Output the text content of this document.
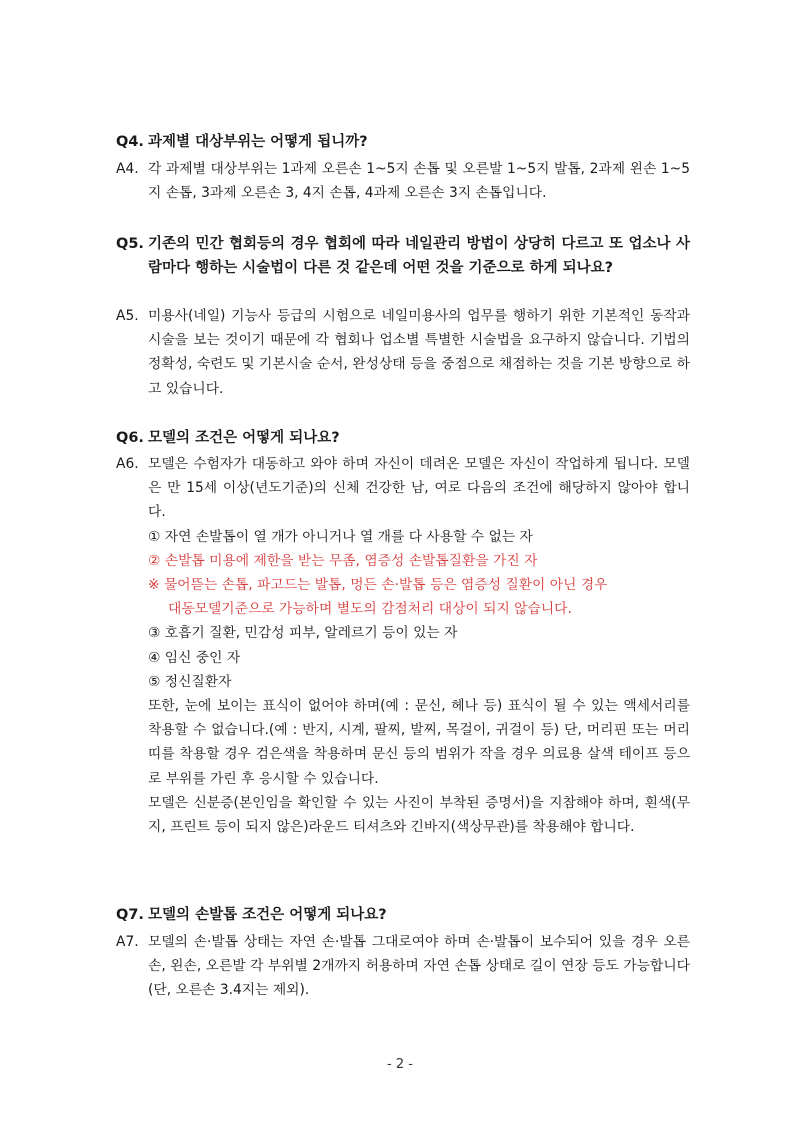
Q4. 과제별 대상부위는 어떻게 됩니까?
A4. 각 과제별 대상부위는 1과제 오른손 1~5지 손톱 및 오른발 1~5지 발톱, 2과제 왼손 1~5지 손톱, 3과제 오른손 3, 4지 손톱, 4과제 오른손 3지 손톱입니다.
Q5. 기존의 민간 협회등의 경우 협회에 따라 네일관리 방법이 상당히 다르고 또 업소나 사람마다 행하는 시술법이 다른 것 같은데 어떤 것을 기준으로 하게 되나요?
A5. 미용사(네일) 기능사 등급의 시험으로 네일미용사의 업무를 행하기 위한 기본적인 동작과 시술을 보는 것이기 때문에 각 협회나 업소별 특별한 시술법을 요구하지 않습니다. 기법의 정확성, 숙련도 및 기본시술 순서, 완성상태 등을 중점으로 채점하는 것을 기본 방향으로 하고 있습니다.
Q6. 모델의 조건은 어떻게 되나요?
A6. 모델은 수험자가 대동하고 와야 하며 자신이 데려온 모델은 자신이 작업하게 됩니다. 모델은 만 15세 이상(년도기준)의 신체 건강한 남, 여로 다음의 조건에 해당하지 않아야 합니다.
① 자연 손발톱이 열 개가 아니거나 열 개를 다 사용할 수 없는 자
② 손발톱 미용에 제한을 받는 무좀, 염증성 손발톱질환을 가진 자
※ 물어뜯는 손톱, 파고드는 발톱, 멍든 손·발톱 등은 염증성 질환이 아닌 경우
대동모델기준으로 가능하며 별도의 감점처리 대상이 되지 않습니다.
③ 호흡기 질환, 민감성 피부, 알레르기 등이 있는 자
④ 임신 중인 자
⑤ 정신질환자
또한, 눈에 보이는 표식이 없어야 하며(예 : 문신, 헤나 등) 표식이 될 수 있는 액세서리를 착용할 수 없습니다.(예 : 반지, 시계, 팔찌, 발찌, 목걸이, 귀걸이 등) 단, 머리핀 또는 머리띠를 착용할 경우 검은색을 착용하며 문신 등의 범위가 작을 경우 의료용 살색 테이프 등으로 부위를 가린 후 응시할 수 있습니다.
모델은 신분증(본인임을 확인할 수 있는 사진이 부착된 증명서)을 지참해야 하며, 흰색(무지, 프린트 등이 되지 않은)라운드 티셔츠와 긴바지(색상무관)를 착용해야 합니다.
Q7. 모델의 손발톱 조건은 어떻게 되나요?
A7. 모델의 손·발톱 상태는 자연 손·발톱 그대로여야 하며 손·발톱이 보수되어 있을 경우 오른손, 왼손, 오른발 각 부위별 2개까지 허용하며 자연 손톱 상태로 길이 연장 등도 가능합니다(단, 오른손 3.4지는 제외).
- 2 -
